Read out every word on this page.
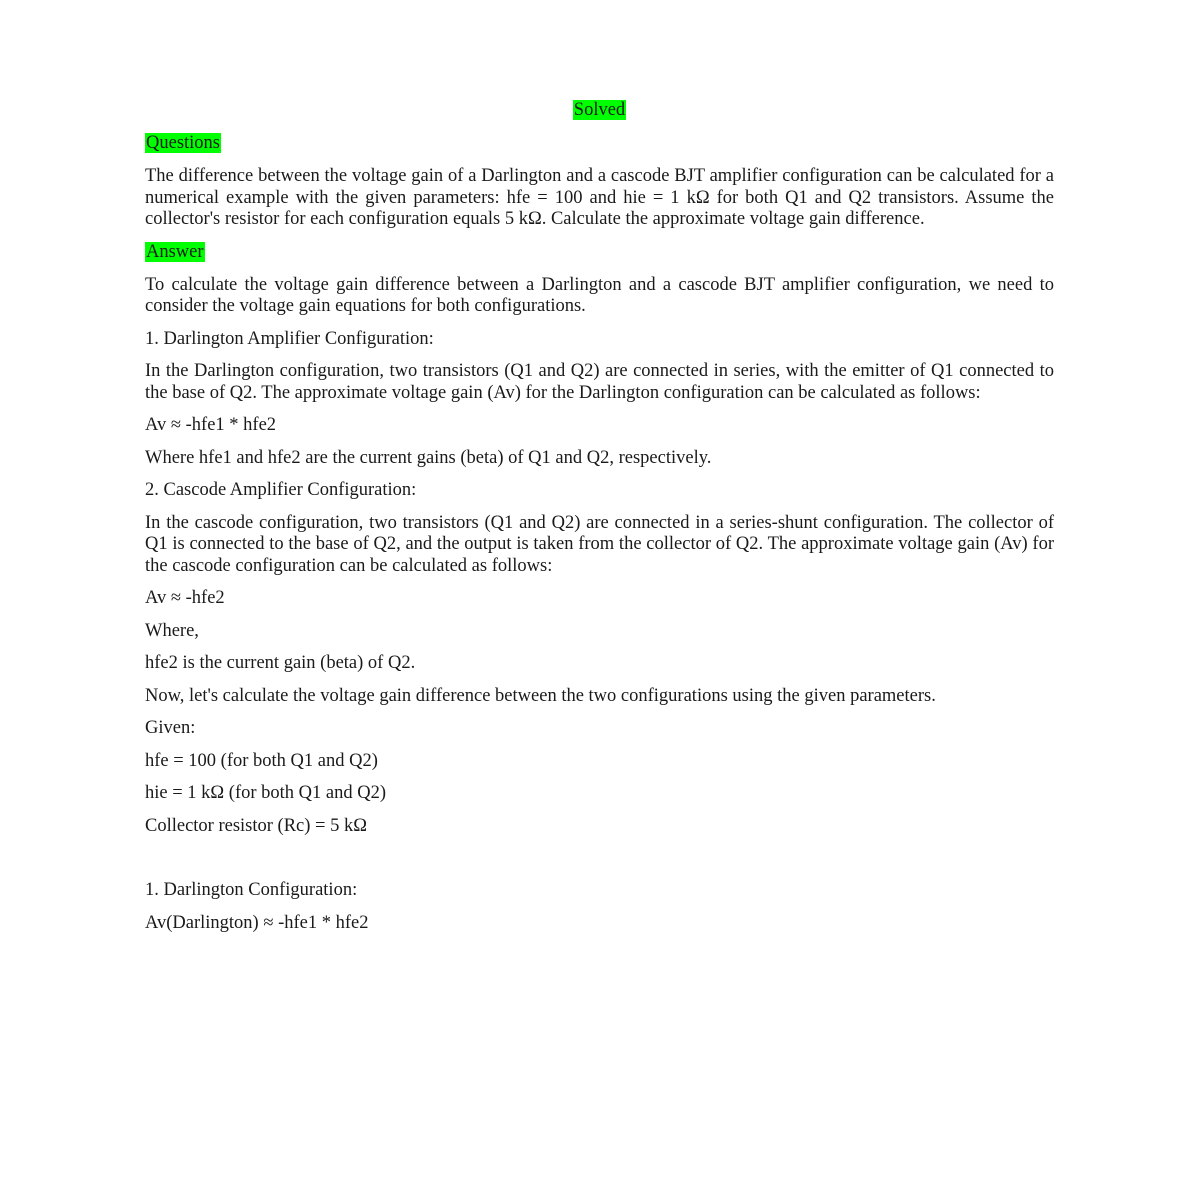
Solved
Questions

The difference between the voltage gain of a Darlington and a cascode BJT amplifier configuration can be calculated for a numerical example with the given parameters: hfe = 100 and hie = 1 kΩ for both Q1 and Q2 transistors. Assume the collector's resistor for each configuration equals 5 kΩ. Calculate the approximate voltage gain difference.

Answer

To calculate the voltage gain difference between a Darlington and a cascode BJT amplifier configuration, we need to consider the voltage gain equations for both configurations.

1. Darlington Amplifier Configuration:

In the Darlington configuration, two transistors (Q1 and Q2) are connected in series, with the emitter of Q1 connected to the base of Q2. The approximate voltage gain (Av) for the Darlington configuration can be calculated as follows:

Av ≈ -hfe1 * hfe2

Where hfe1 and hfe2 are the current gains (beta) of Q1 and Q2, respectively.

2. Cascode Amplifier Configuration:

In the cascode configuration, two transistors (Q1 and Q2) are connected in a series-shunt configuration. The collector of Q1 is connected to the base of Q2, and the output is taken from the collector of Q2. The approximate voltage gain (Av) for the cascode configuration can be calculated as follows:

Av ≈ -hfe2

Where,

hfe2 is the current gain (beta) of Q2.

Now, let's calculate the voltage gain difference between the two configurations using the given parameters.

Given:

hfe = 100 (for both Q1 and Q2)

hie = 1 kΩ (for both Q1 and Q2)

Collector resistor (Rc) = 5 kΩ

1. Darlington Configuration:

Av(Darlington) ≈ -hfe1 * hfe2
